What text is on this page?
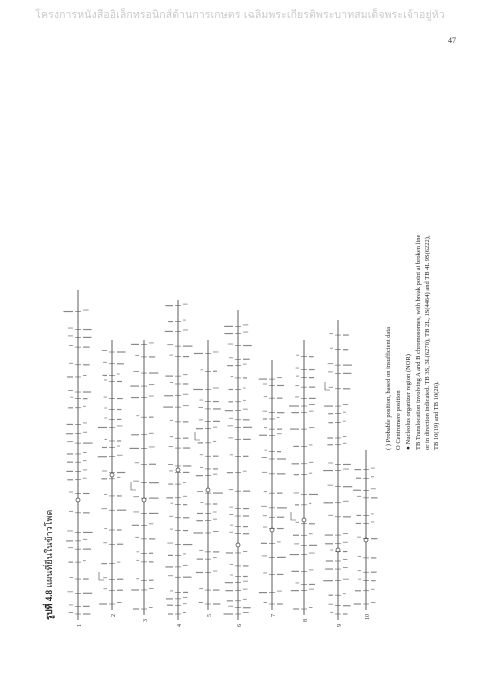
โครงการหนังสืออิเล็กทรอนิกส์ด้านการเกษตร เฉลิมพระเกียรติพระบาทสมเด็จพระเจ้าอยู่หัว
47
1
2
3
4
5
6
7
8
9
10
รูปที่ 4.8 แผนที่ยีนในข้าวโพด
( ) Probable position, based on insufficient data
O Centromere position
● Nucleolus organizer region (NOR) TB Translocation involving A and B chromosomes, with break point at broken line or in direction indicated. TB 3S, 3L(6270), TB 2L, 1S(4464) and TB 4L 9S(6222), TB 10(19) and TB 10(26).
